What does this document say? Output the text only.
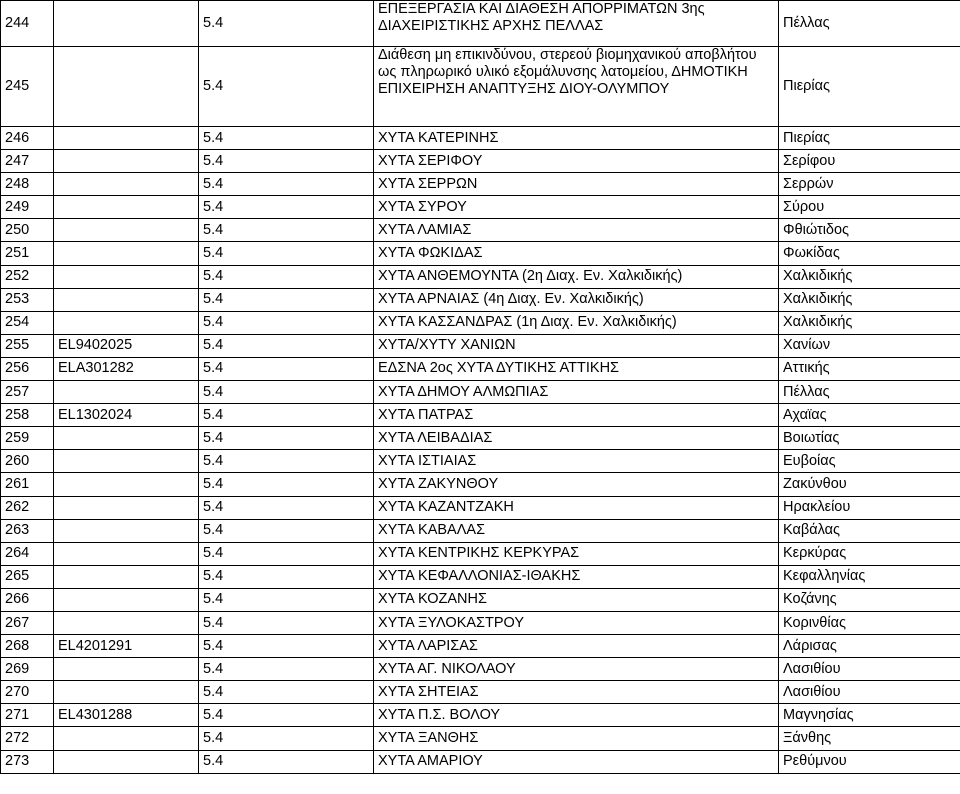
244		5.4	ΕΠΕΞΕΡΓΑΣΙΑ ΚΑΙ ΔΙΑΘΕΣΗ ΑΠΟΡΡΙΜΑΤΩΝ 3ης ΔΙΑΧΕΙΡΙΣΤΙΚΗΣ ΑΡΧΗΣ ΠΕΛΛΑΣ	Πέλλας
245		5.4	Διάθεση μη επικινδύνου, στερεού βιομηχανικού αποβλήτου ως πληρωρικό υλικό εξομάλυνσης λατομείου, ΔΗΜΟΤΙΚΗ ΕΠΙΧΕΙΡΗΣΗ ΑΝΑΠΤΥΞΗΣ ΔΙΟΥ-ΟΛΥΜΠΟΥ	Πιερίας
246		5.4	ΧΥΤΑ ΚΑΤΕΡΙΝΗΣ	Πιερίας
247		5.4	ΧΥΤΑ ΣΕΡΙΦΟΥ	Σερίφου
248		5.4	ΧΥΤΑ ΣΕΡΡΩΝ	Σερρών
249		5.4	ΧΥΤΑ ΣΥΡΟΥ	Σύρου
250		5.4	ΧΥΤΑ ΛΑΜΙΑΣ	Φθιώτιδος
251		5.4	ΧΥΤΑ ΦΩΚΙΔΑΣ	Φωκίδας
252		5.4	ΧΥΤΑ ΑΝΘΕΜΟΥΝΤΑ (2η Διαχ. Εν. Χαλκιδικής)	Χαλκιδικής
253		5.4	ΧΥΤΑ ΑΡΝΑΙΑΣ (4η Διαχ. Εν. Χαλκιδικής)	Χαλκιδικής
254		5.4	ΧΥΤΑ ΚΑΣΣΑΝΔΡΑΣ (1η Διαχ. Εν. Χαλκιδικής)	Χαλκιδικής
255	EL9402025	5.4	ΧΥΤΑ/ΧΥΤΥ ΧΑΝΙΩΝ	Χανίων
256	ELA301282	5.4	ΕΔΣΝΑ 2ος ΧΥΤΑ ΔΥΤΙΚΗΣ ΑΤΤΙΚΗΣ	Αττικής
257		5.4	ΧΥΤΑ ΔΗΜΟΥ ΑΛΜΩΠΙΑΣ	Πέλλας
258	EL1302024	5.4	ΧΥΤΑ ΠΑΤΡΑΣ	Αχαϊας
259		5.4	ΧΥΤΑ ΛΕΙΒΑΔΙΑΣ	Βοιωτίας
260		5.4	ΧΥΤΑ ΙΣΤΙΑΙΑΣ	Ευβοίας
261		5.4	ΧΥΤΑ ΖΑΚΥΝΘΟΥ	Ζακύνθου
262		5.4	ΧΥΤΑ ΚΑΖΑΝΤΖΑΚΗ	Ηρακλείου
263		5.4	ΧΥΤΑ ΚΑΒΑΛΑΣ	Καβάλας
264		5.4	ΧΥΤΑ ΚΕΝΤΡΙΚΗΣ ΚΕΡΚΥΡΑΣ	Κερκύρας
265		5.4	ΧΥΤΑ ΚΕΦΑΛΛΟΝΙΑΣ-ΙΘΑΚΗΣ	Κεφαλληνίας
266		5.4	ΧΥΤΑ ΚΟΖΑΝΗΣ	Κοζάνης
267		5.4	ΧΥΤΑ ΞΥΛΟΚΑΣΤΡΟΥ	Κορινθίας
268	EL4201291	5.4	ΧΥΤΑ ΛΑΡΙΣΑΣ	Λάρισας
269		5.4	ΧΥΤΑ ΑΓ. ΝΙΚΟΛΑΟΥ	Λασιθίου
270		5.4	ΧΥΤΑ ΣΗΤΕΙΑΣ	Λασιθίου
271	EL4301288	5.4	ΧΥΤΑ Π.Σ. ΒΟΛΟΥ	Μαγνησίας
272		5.4	ΧΥΤΑ ΞΑΝΘΗΣ	Ξάνθης
273		5.4	ΧΥΤΑ ΑΜΑΡΙΟΥ	Ρεθύμνου
